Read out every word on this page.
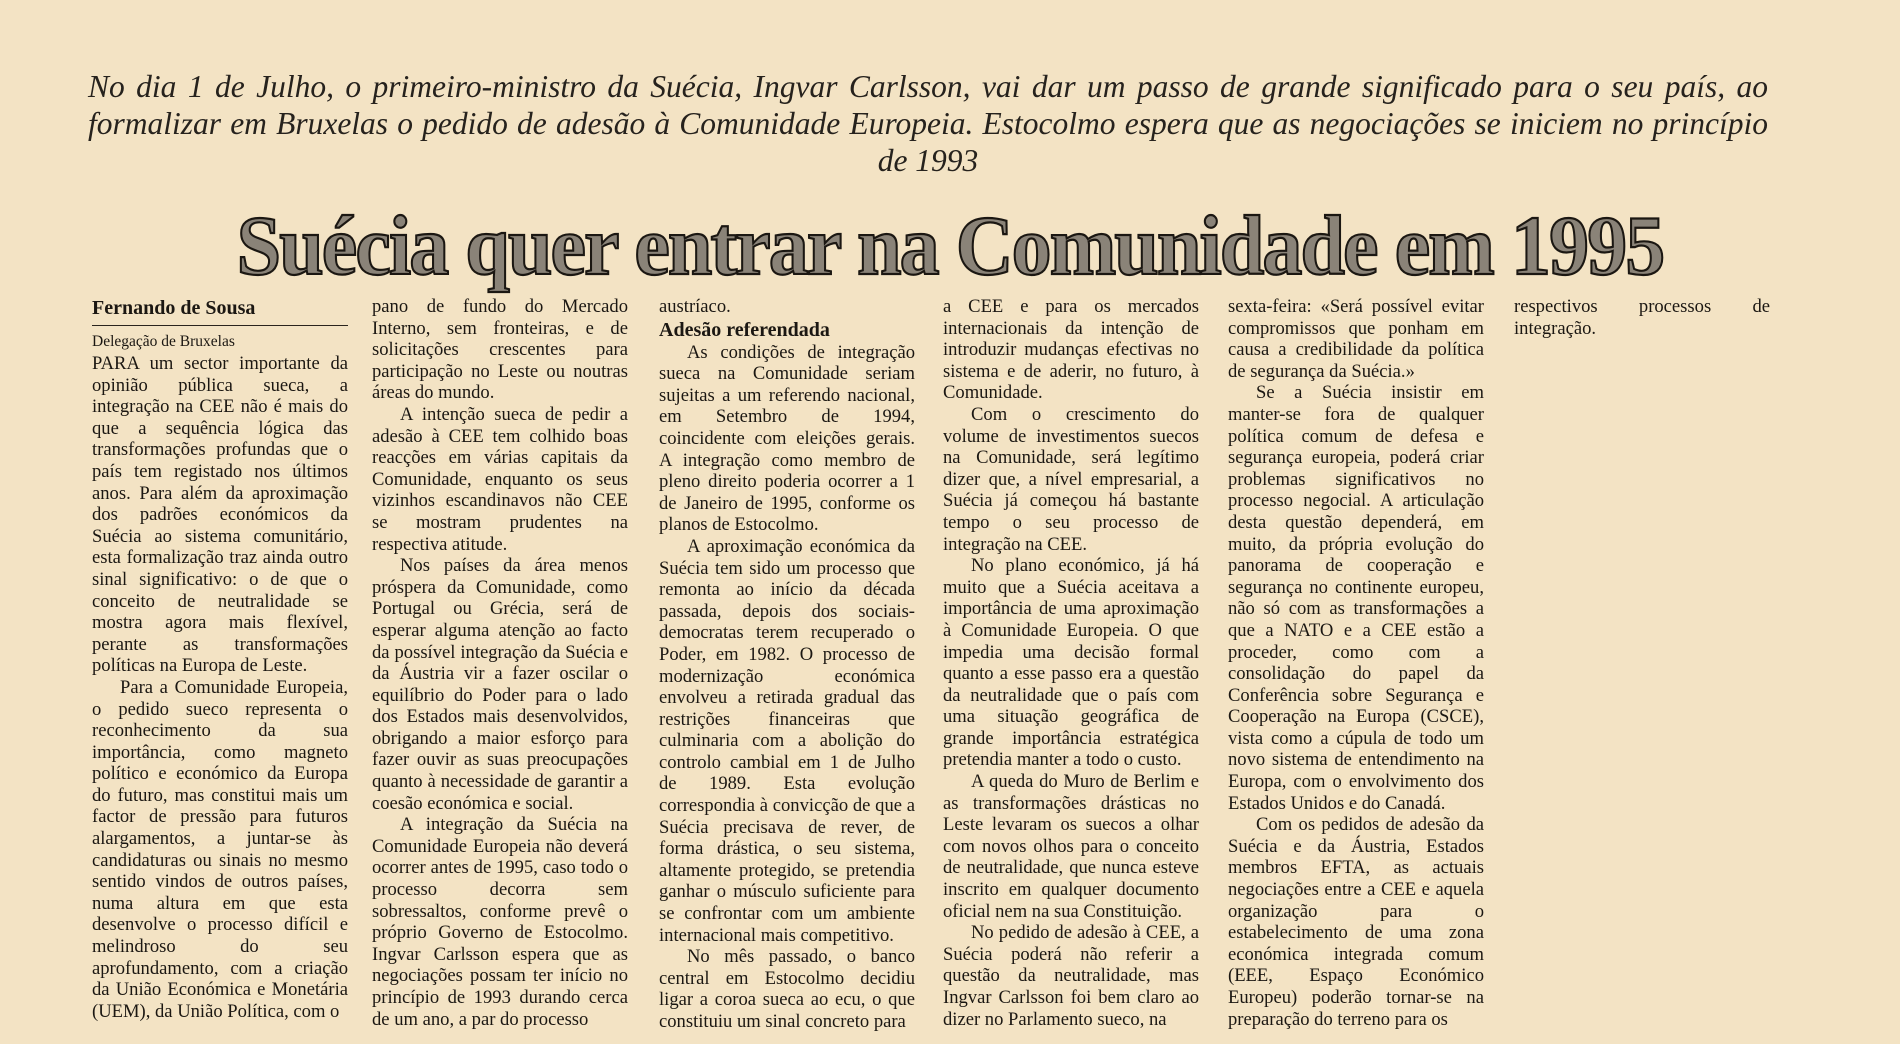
No dia 1 de Julho, o primeiro-ministro da Suécia, Ingvar Carlsson, vai dar um passo de grande significado para o seu país, ao formalizar em Bruxelas o pedido de adesão à Comunidade Europeia. Estocolmo espera que as negociações se iniciem no princípio de 1993
Suécia quer entrar na Comunidade em 1995

Fernando de Sousa

Delegação de Bruxelas

PARA um sector importante da opinião pública sueca, a integração na CEE não é mais do que a sequência lógica das transformações profundas que o país tem registado nos últimos anos. Para além da aproximação dos padrões económicos da Suécia ao sistema comunitário, esta formalização traz ainda outro sinal significativo: o de que o conceito de neutralidade se mostra agora mais flexível, perante as transformações políticas na Europa de Leste.

Para a Comunidade Europeia, o pedido sueco representa o reconhecimento da sua importância, como magneto político e económico da Europa do futuro, mas constitui mais um factor de pressão para futuros alargamentos, a juntar-se às candidaturas ou sinais no mesmo sentido vindos de outros países, numa altura em que esta desenvolve o processo difícil e melindroso do seu aprofundamento, com a criação da União Económica e Monetária (UEM), da União Política, com o

pano de fundo do Mercado Interno, sem fronteiras, e de solicitações crescentes para participação no Leste ou noutras áreas do mundo.

A intenção sueca de pedir a adesão à CEE tem colhido boas reacções em várias capitais da Comunidade, enquanto os seus vizinhos escandinavos não CEE se mostram prudentes na respectiva atitude.

Nos países da área menos próspera da Comunidade, como Portugal ou Grécia, será de esperar alguma atenção ao facto da possível integração da Suécia e da Áustria vir a fazer oscilar o equilíbrio do Poder para o lado dos Estados mais desenvolvidos, obrigando a maior esforço para fazer ouvir as suas preocupações quanto à necessidade de garantir a coesão económica e social.

A integração da Suécia na Comunidade Europeia não deverá ocorrer antes de 1995, caso todo o processo decorra sem sobressaltos, conforme prevê o próprio Governo de Estocolmo. Ingvar Carlsson espera que as negociações possam ter início no princípio de 1993 durando cerca de um ano, a par do processo

austríaco.

Adesão referendada

As condições de integração sueca na Comunidade seriam sujeitas a um referendo nacional, em Setembro de 1994, coincidente com eleições gerais. A integração como membro de pleno direito poderia ocorrer a 1 de Janeiro de 1995, conforme os planos de Estocolmo.

A aproximação económica da Suécia tem sido um processo que remonta ao início da década passada, depois dos sociais-democratas terem recuperado o Poder, em 1982. O processo de modernização económica envolveu a retirada gradual das restrições financeiras que culminaria com a abolição do controlo cambial em 1 de Julho de 1989. Esta evolução correspondia à convicção de que a Suécia precisava de rever, de forma drástica, o seu sistema, altamente protegido, se pretendia ganhar o músculo suficiente para se confrontar com um ambiente internacional mais competitivo.

No mês passado, o banco central em Estocolmo decidiu ligar a coroa sueca ao ecu, o que constituiu um sinal concreto para

a CEE e para os mercados internacionais da intenção de introduzir mudanças efectivas no sistema e de aderir, no futuro, à Comunidade.

Com o crescimento do volume de investimentos suecos na Comunidade, será legítimo dizer que, a nível empresarial, a Suécia já começou há bastante tempo o seu processo de integração na CEE.

No plano económico, já há muito que a Suécia aceitava a importância de uma aproximação à Comunidade Europeia. O que impedia uma decisão formal quanto a esse passo era a questão da neutralidade que o país com uma situação geográfica de grande importância estratégica pretendia manter a todo o custo.

A queda do Muro de Berlim e as transformações drásticas no Leste levaram os suecos a olhar com novos olhos para o conceito de neutralidade, que nunca esteve inscrito em qualquer documento oficial nem na sua Constituição.

No pedido de adesão à CEE, a Suécia poderá não referir a questão da neutralidade, mas Ingvar Carlsson foi bem claro ao dizer no Parlamento sueco, na

sexta-feira: «Será possível evitar compromissos que ponham em causa a credibilidade da política de segurança da Suécia.»

Se a Suécia insistir em manter-se fora de qualquer política comum de defesa e segurança europeia, poderá criar problemas significativos no processo negocial. A articulação desta questão dependerá, em muito, da própria evolução do panorama de cooperação e segurança no continente europeu, não só com as transformações a que a NATO e a CEE estão a proceder, como com a consolidação do papel da Conferência sobre Segurança e Cooperação na Europa (CSCE), vista como a cúpula de todo um novo sistema de entendimento na Europa, com o envolvimento dos Estados Unidos e do Canadá.

Com os pedidos de adesão da Suécia e da Áustria, Estados membros EFTA, as actuais negociações entre a CEE e aquela organização para o estabelecimento de uma zona económica integrada comum (EEE, Espaço Económico Europeu) poderão tornar-se na preparação do terreno para os

respectivos processos de integração.
